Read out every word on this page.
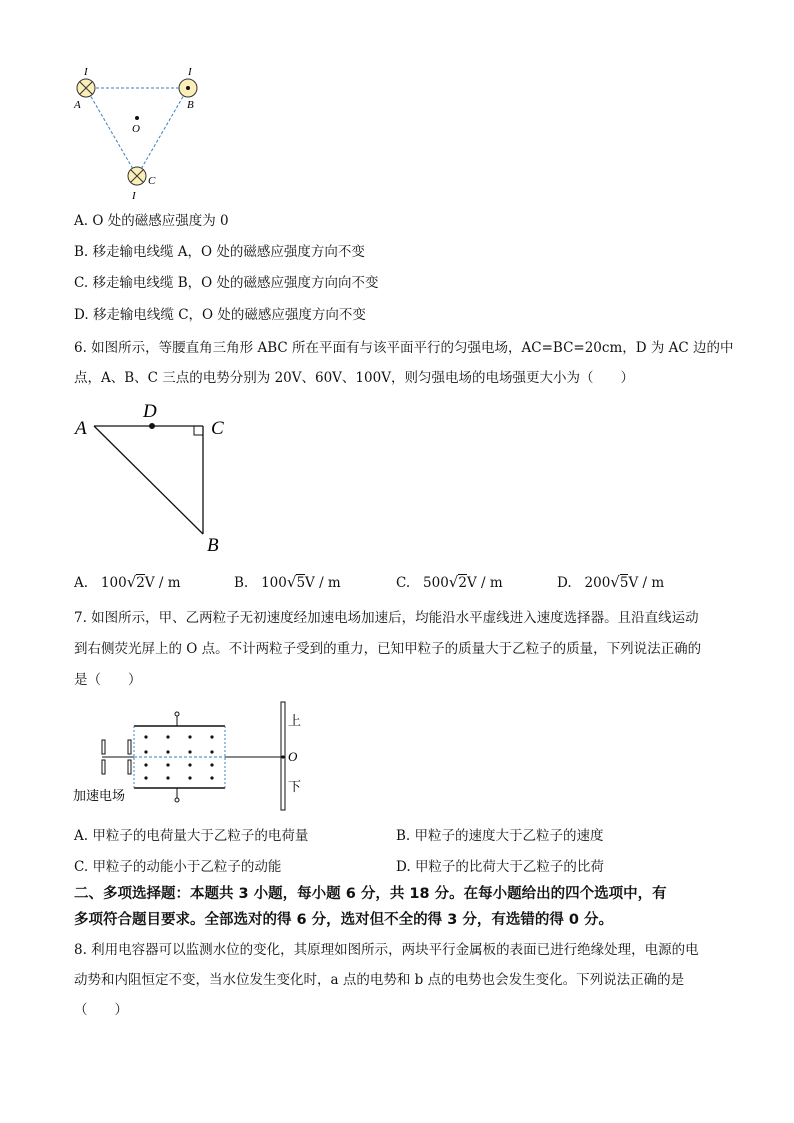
I
A
I
B
O
C
I
A. O 处的磁感应强度为 0
B. 移走输电线缆 A，O 处的磁感应强度方向不变
C. 移走输电线缆 B，O 处的磁感应强度方向向不变
D. 移走输电线缆 C，O 处的磁感应强度方向不变
6. 如图所示，等腰直角三角形 ABC 所在平面有与该平面平行的匀强电场，AC=BC=20cm，D 为 AC 边的中
点，A、B、C 三点的电势分别为 20V、60V、100V，则匀强电场的电场强更大小为（　　）
A
D
C
B
A. 100√2V / m	B. 100√5V / m	C. 500√2V / m	D. 200√5V / m
7. 如图所示，甲、乙两粒子无初速度经加速电场加速后，均能沿水平虚线进入速度选择器。且沿直线运动
到右侧荧光屏上的 O 点。不计两粒子受到的重力，已知甲粒子的质量大于乙粒子的质量，下列说法正确的
是（　　）
上
O
下
加速电场
A. 甲粒子的电荷量大于乙粒子的电荷量	B. 甲粒子的速度大于乙粒子的速度
C. 甲粒子的动能小于乙粒子的动能	D. 甲粒子的比荷大于乙粒子的比荷
二、多项选择题：本题共 3 小题，每小题 6 分，共 18 分。在每小题给出的四个选项中，有
多项符合题目要求。全部选对的得 6 分，选对但不全的得 3 分，有选错的得 0 分。
8. 利用电容器可以监测水位的变化，其原理如图所示，两块平行金属板的表面已进行绝缘处理，电源的电
动势和内阻恒定不变，当水位发生变化时，a 点的电势和 b 点的电势也会发生变化。下列说法正确的是
（　　）
